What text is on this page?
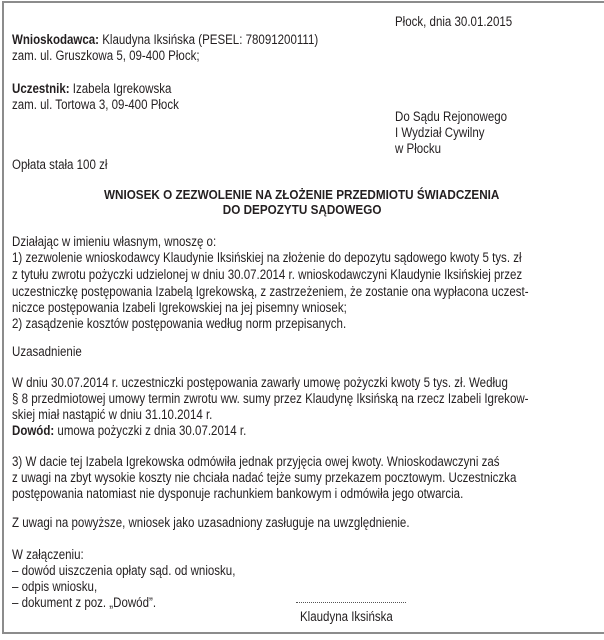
Płock, dnia 30.01.2015
Wnioskodawca: Klaudyna Iksińska (PESEL: 78091200111)
zam. ul. Gruszkowa 5, 09-400 Płock;
Uczestnik: Izabela Igrekowska
zam. ul. Tortowa 3, 09-400 Płock
Do Sądu Rejonowego
I Wydział Cywilny
w Płocku
Opłata stała 100 zł
WNIOSEK O ZEZWOLENIE NA ZŁOŻENIE PRZEDMIOTU ŚWIADCZENIA
DO DEPOZYTU SĄDOWEGO
Działając w imieniu własnym, wnoszę o:
1) zezwolenie wnioskodawcy Klaudynie Iksińskiej na złożenie do depozytu sądowego kwoty 5 tys. zł
z tytułu zwrotu pożyczki udzielonej w dniu 30.07.2014 r. wnioskodawczyni Klaudynie Iksińskiej przez
uczestniczkę postępowania Izabelą Igrekowską, z zastrzeżeniem, że zostanie ona wypłacona uczest-
niczce postępowania Izabeli Igrekowskiej na jej pisemny wniosek;
2) zasądzenie kosztów postępowania według norm przepisanych.
Uzasadnienie
W dniu 30.07.2014 r. uczestniczki postępowania zawarły umowę pożyczki kwoty 5 tys. zł. Według
§ 8 przedmiotowej umowy termin zwrotu ww. sumy przez Klaudynę Iksińską na rzecz Izabeli Igrekow-
skiej miał nastąpić w dniu 31.10.2014 r.
Dowód: umowa pożyczki z dnia 30.07.2014 r.
3) W dacie tej Izabela Igrekowska odmówiła jednak przyjęcia owej kwoty. Wnioskodawczyni zaś
z uwagi na zbyt wysokie koszty nie chciała nadać tejże sumy przekazem pocztowym. Uczestniczka
postępowania natomiast nie dysponuje rachunkiem bankowym i odmówiła jego otwarcia.
Z uwagi na powyższe, wniosek jako uzasadniony zasługuje na uwzględnienie.
W załączeniu:
– dowód uiszczenia opłaty sąd. od wniosku,
– odpis wniosku,
– dokument z poz. „Dowód”.
Klaudyna Iksińska
